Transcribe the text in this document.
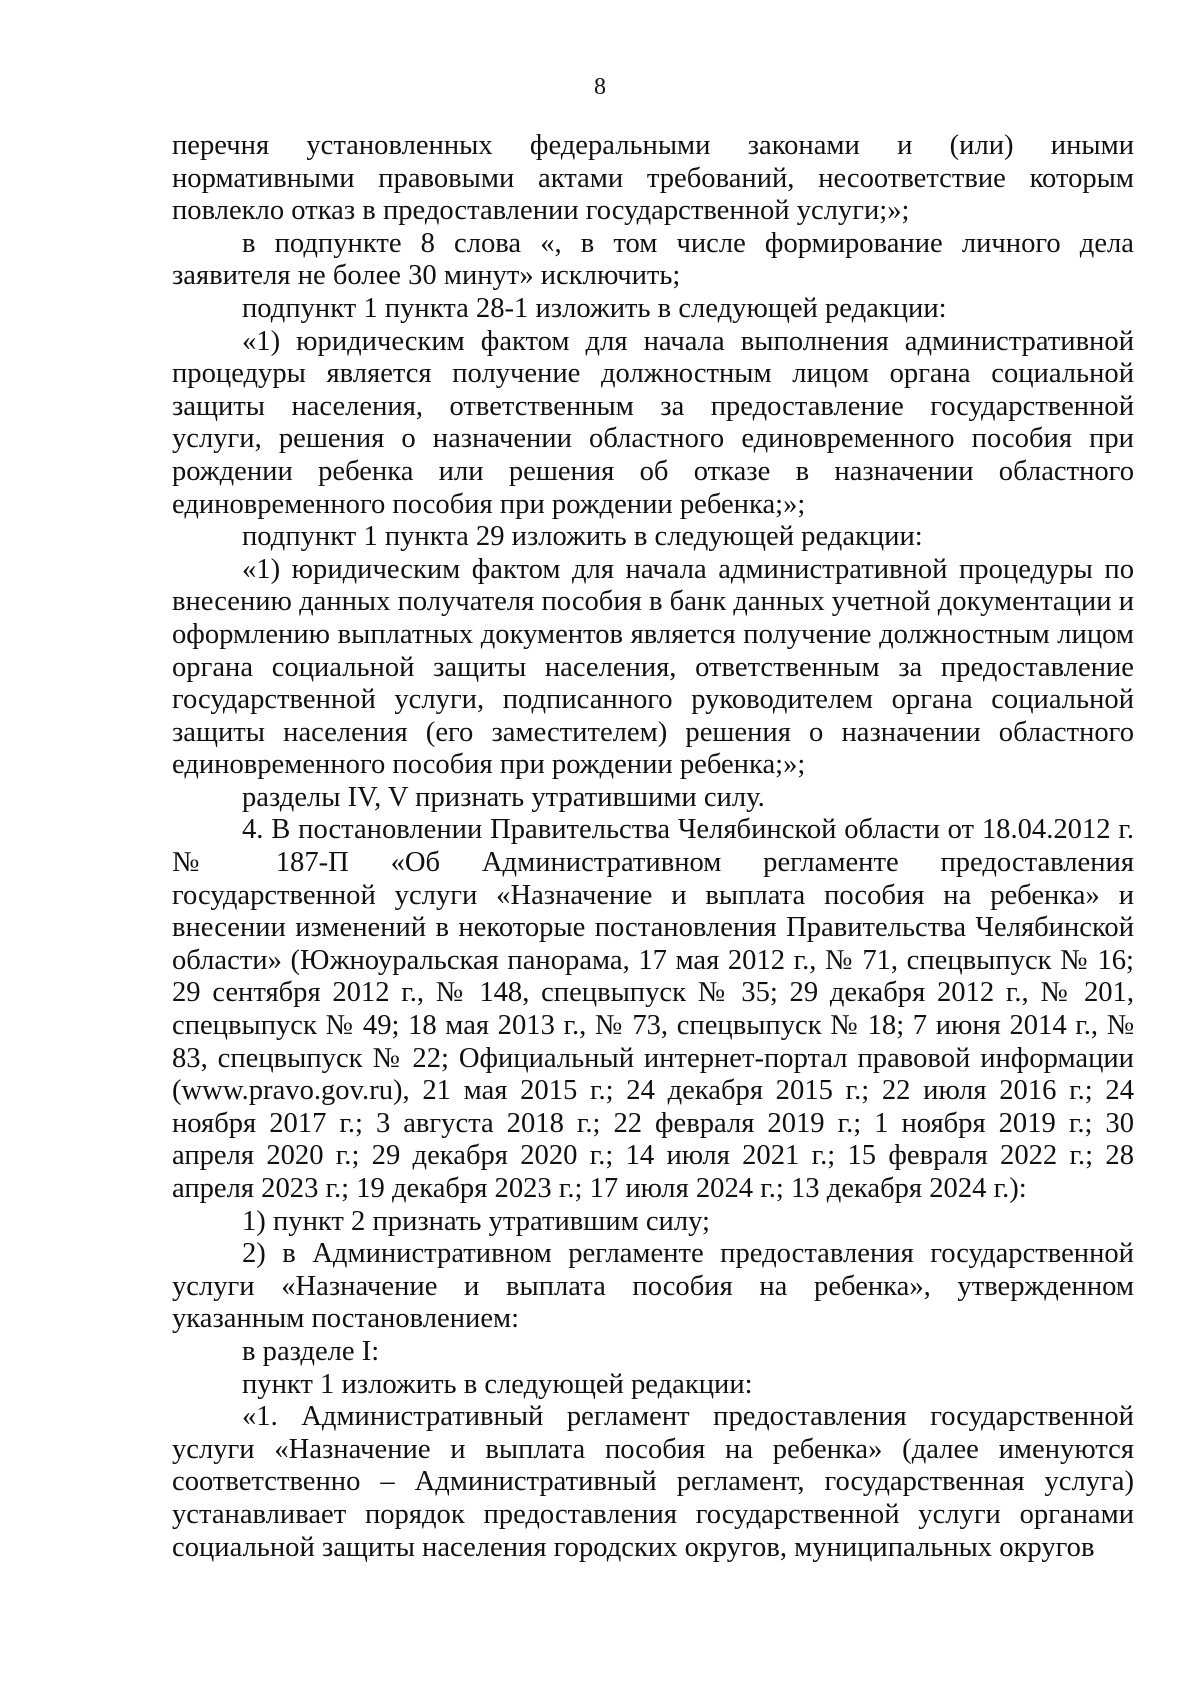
8

перечня установленных федеральными законами и (или) иными нормативными правовыми актами требований, несоответствие которым повлекло отказ в предоставлении государственной услуги;»;

в подпункте 8 слова «, в том числе формирование личного дела заявителя не более 30 минут» исключить;

подпункт 1 пункта 28-1 изложить в следующей редакции:

«1) юридическим фактом для начала выполнения административной процедуры является получение должностным лицом органа социальной защиты населения, ответственным за предоставление государственной услуги, решения о назначении областного единовременного пособия при рождении ребенка или решения об отказе в назначении областного единовременного пособия при рождении ребенка;»;

подпункт 1 пункта 29 изложить в следующей редакции:

«1) юридическим фактом для начала административной процедуры по внесению данных получателя пособия в банк данных учетной документации и оформлению выплатных документов является получение должностным лицом органа социальной защиты населения, ответственным за предоставление государственной услуги, подписанного руководителем органа социальной защиты населения (его заместителем) решения о назначении областного единовременного пособия при рождении ребенка;»;

разделы IV, V признать утратившими силу.

4. В постановлении Правительства Челябинской области от 18.04.2012 г. № 187-П «Об Административном регламенте предоставления государственной услуги «Назначение и выплата пособия на ребенка» и внесении изменений в некоторые постановления Правительства Челябинской области» (Южноуральская панорама, 17 мая 2012 г., № 71, спецвыпуск № 16; 29 сентября 2012 г., № 148, спецвыпуск № 35; 29 декабря 2012 г., № 201, спецвыпуск № 49; 18 мая 2013 г., № 73, спецвыпуск № 18; 7 июня 2014 г., № 83, спецвыпуск № 22; Официальный интернет-портал правовой информации (www.pravo.gov.ru), 21 мая 2015 г.; 24 декабря 2015 г.; 22 июля 2016 г.; 24 ноября 2017 г.; 3 августа 2018 г.; 22 февраля 2019 г.; 1 ноября 2019 г.; 30 апреля 2020 г.; 29 декабря 2020 г.; 14 июля 2021 г.; 15 февраля 2022 г.; 28 апреля 2023 г.; 19 декабря 2023 г.; 17 июля 2024 г.; 13 декабря 2024 г.):

1) пункт 2 признать утратившим силу;

2) в Административном регламенте предоставления государственной услуги «Назначение и выплата пособия на ребенка», утвержденном указанным постановлением:

в разделе I:

пункт 1 изложить в следующей редакции:

«1. Административный регламент предоставления государственной услуги «Назначение и выплата пособия на ребенка» (далее именуются соответственно – Административный регламент, государственная услуга) устанавливает порядок предоставления государственной услуги органами социальной защиты населения городских округов, муниципальных округов
